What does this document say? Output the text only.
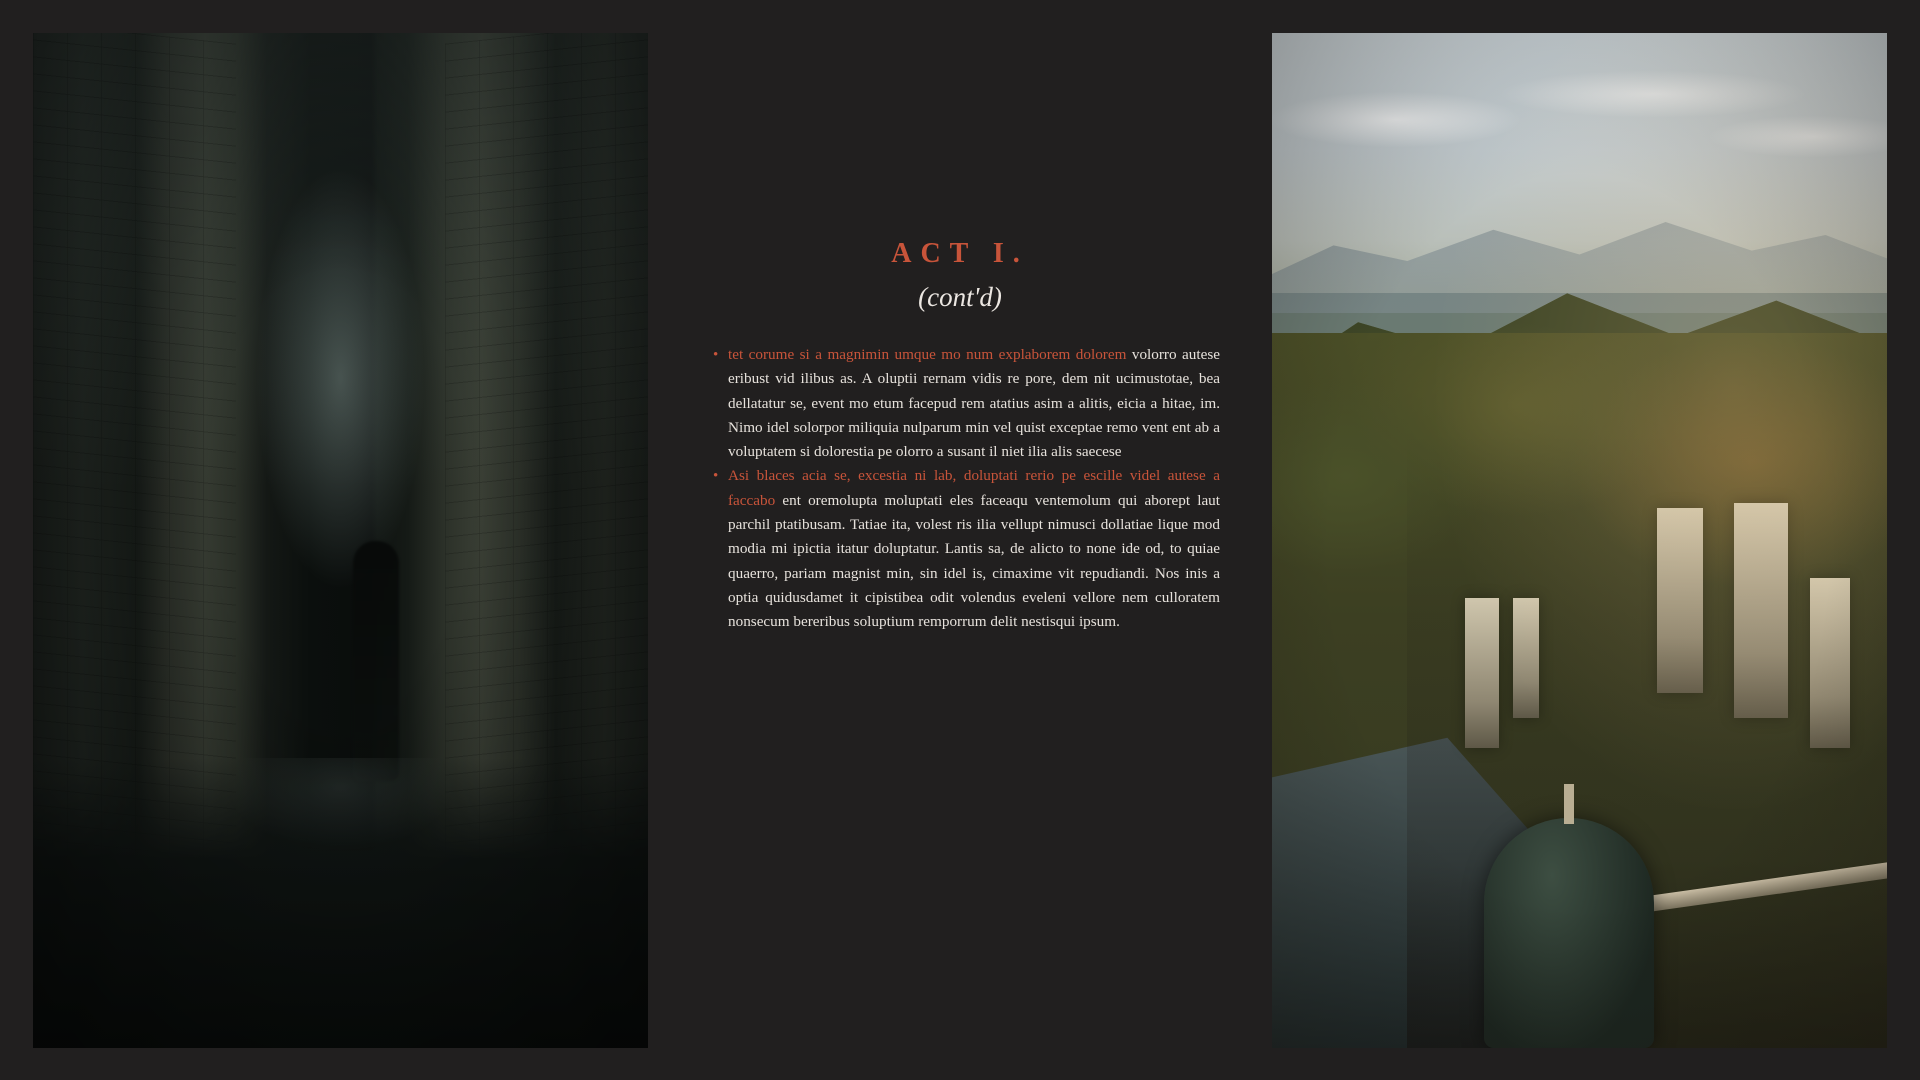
ACT I.
(cont'd)

• tet corume si a magnimin umque mo num explaborem dolorem volorro autese eribust vid ilibus as. A oluptii rernam vidis re pore, dem nit ucimustotae, bea dellatatur se, event mo etum facepud rem atatius asim a alitis, eicia a hitae, im. Nimo idel solorpor miliquia nulparum min vel quist exceptae remo vent ent ab a voluptatem si dolorestia pe olorro a susant il niet ilia alis saecese

• Asi blaces acia se, excestia ni lab, doluptati rerio pe escille videl autese a faccabo ent oremolupta moluptati eles faceaqu ventemolum qui aborept laut parchil ptatibusam. Tatiae ita, volest ris ilia vellupt nimusci dollatiae lique mod modia mi ipictia itatur doluptatur. Lantis sa, de alicto to none ide od, to quiae quaerro, pariam magnist min, sin idel is, cimaxime vit repudiandi. Nos inis a optia quidusdamet it cipistibea odit volendus eveleni vellore nem culloratem nonsecum bereribus soluptium remporrum delit nestisqui ipsum.
